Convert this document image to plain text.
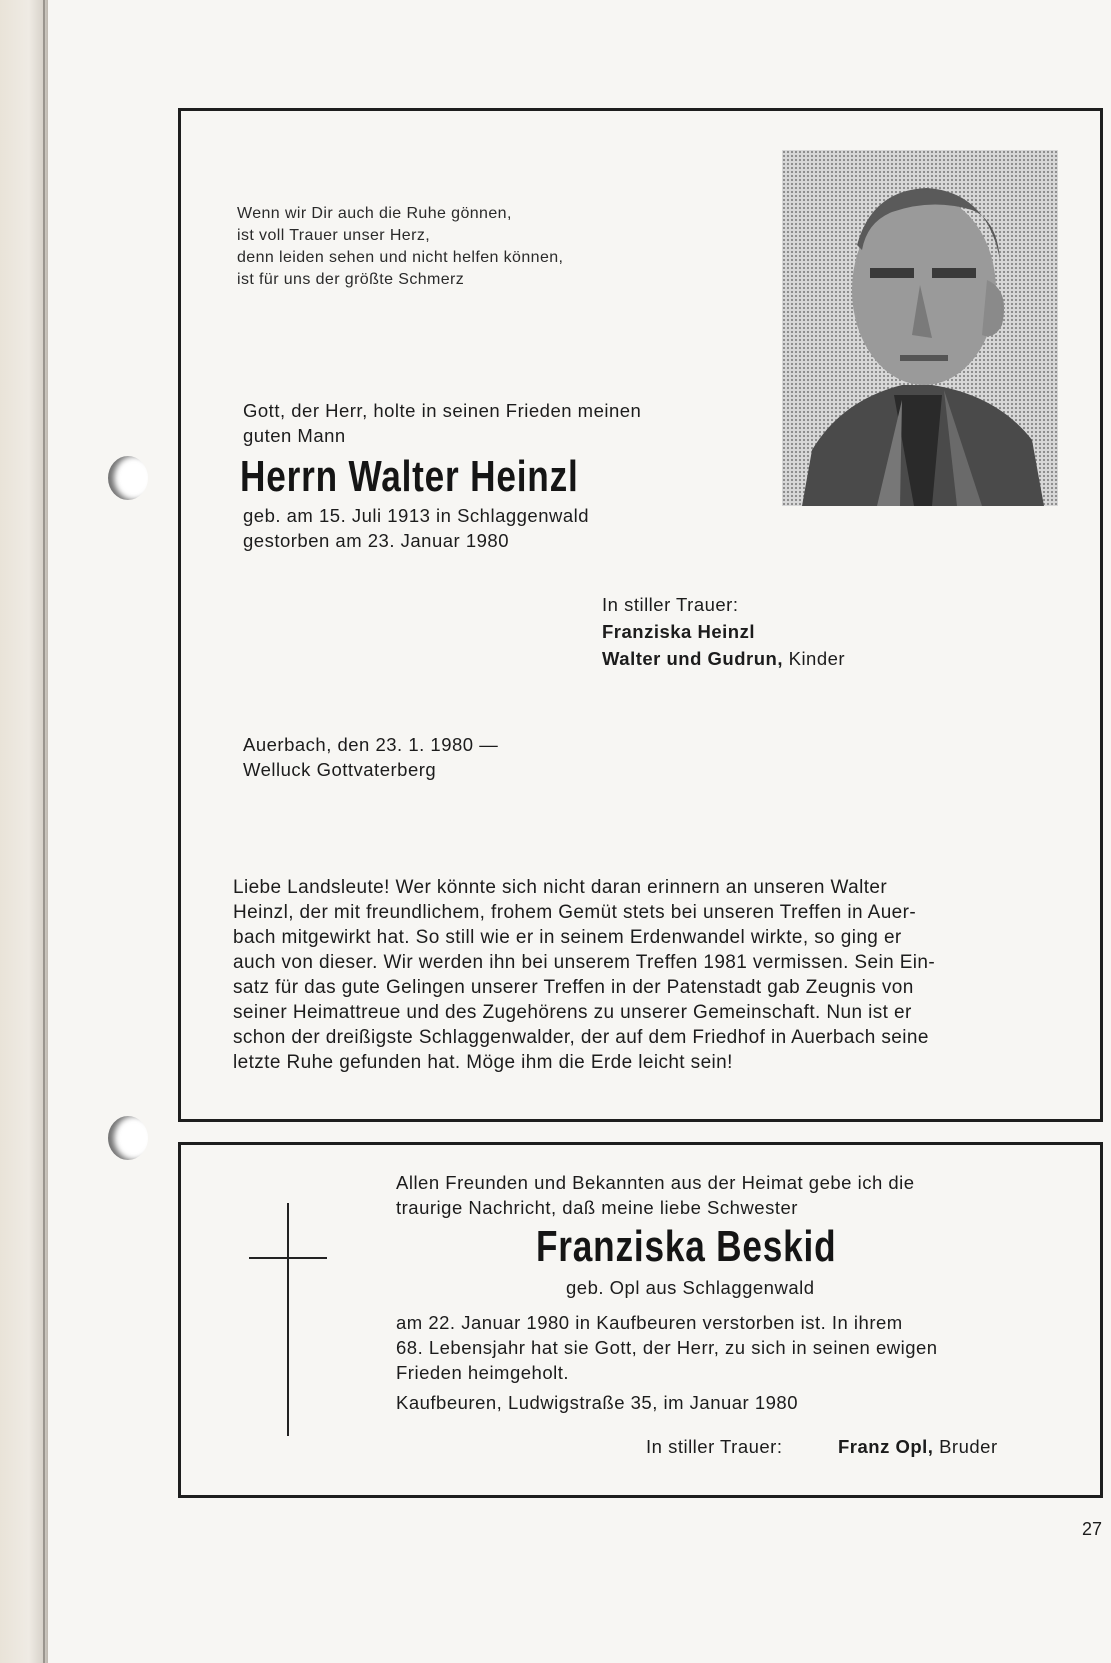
Wenn wir Dir auch die Ruhe gönnen,
ist voll Trauer unser Herz,
denn leiden sehen und nicht helfen können,
ist für uns der größte Schmerz
Gott, der Herr, holte in seinen Frieden meinen
guten Mann
Herrn Walter Heinzl
geb. am 15. Juli 1913 in Schlaggenwald
gestorben am 23. Januar 1980
In stiller Trauer:
Franziska Heinzl
Walter und Gudrun, Kinder
Auerbach, den 23. 1. 1980 —
Welluck Gottvaterberg
Liebe Landsleute! Wer könnte sich nicht daran erinnern an unseren Walter
Heinzl, der mit freundlichem, frohem Gemüt stets bei unseren Treffen in Auer-
bach mitgewirkt hat. So still wie er in seinem Erdenwandel wirkte, so ging er
auch von dieser. Wir werden ihn bei unserem Treffen 1981 vermissen. Sein Ein-
satz für das gute Gelingen unserer Treffen in der Patenstadt gab Zeugnis von
seiner Heimattreue und des Zugehörens zu unserer Gemeinschaft. Nun ist er
schon der dreißigste Schlaggenwalder, der auf dem Friedhof in Auerbach seine
letzte Ruhe gefunden hat. Möge ihm die Erde leicht sein!
Allen Freunden und Bekannten aus der Heimat gebe ich die
traurige Nachricht, daß meine liebe Schwester
Franziska Beskid
geb. Opl aus Schlaggenwald
am 22. Januar 1980 in Kaufbeuren verstorben ist. In ihrem
68. Lebensjahr hat sie Gott, der Herr, zu sich in seinen ewigen
Frieden heimgeholt.
Kaufbeuren, Ludwigstraße 35, im Januar 1980
In stiller Trauer:	Franz Opl, Bruder
27
